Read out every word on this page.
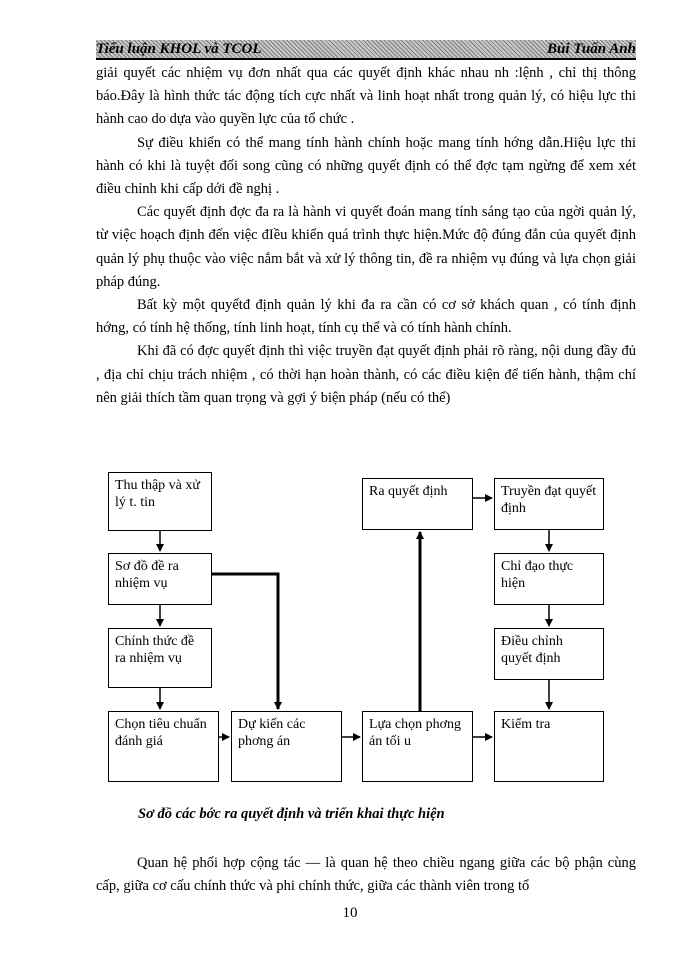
Tiểu luận KHOL và TCOL	Bùi Tuấn Anh

giải quyết các nhiệm vụ đơn nhất qua các quyết định khác nhau nh :lệnh , chỉ thị thông báo.Đây là hình thức tác động tích cực nhất và linh hoạt nhất trong quản lý, có hiệu lực thi hành cao do dựa vào quyền lực của tổ chức .

Sự điều khiển có thể mang tính hành chính hoặc mang tính hớng dẫn.Hiệu lực thi hành có khi là tuyệt đối song cũng có những quyết định có thể đợc tạm ngừng để xem xét điều chỉnh khi cấp dới đề nghị .

Các quyết định đợc đa ra là hành vi quyết đoán mang tính sáng tạo của ngời quản lý, từ việc hoạch định đến việc đIều khiển quá trình thực hiện.Mức độ đúng đắn của quyết định quản lý phụ thuộc vào việc nắm bắt và xử lý thông tin, đề ra nhiệm vụ đúng và lựa chọn giải pháp đúng.

Bất kỳ một quyếtđ định quản lý khi đa ra cần có cơ sở khách quan , có tính định hớng, có tính hệ thống, tính linh hoạt, tính cụ thể và có tính hành chính.

Khi đã có đợc quyết định thì việc truyền đạt quyết định phải rõ ràng, nội dung đầy đủ , địa chỉ chịu trách nhiệm , có thời hạn hoàn thành, có các điều kiện để tiến hành, thậm chí nên giải thích tầm quan trọng và gợi ý biện pháp (nếu có thể)

Thu thập và xử lý t. tin
Sơ đồ đề ra nhiệm vụ
Chính thức đề ra nhiệm vụ
Chọn tiêu chuẩn đánh giá
Dự kiến các phơng án
Lựa chọn phơng án tối u
Ra quyết định	Truyền đạt quyết định
Chỉ đạo thực hiện
Điều chỉnh quyết định
Kiểm tra
Sơ đồ các bớc ra quyết định và triển khai thực hiện

Quan hệ phối hợp cộng tác — là quan hệ theo chiều ngang giữa các bộ phận cùng cấp, giữa cơ cấu chính thức và phi chính thức, giữa các thành viên trong tổ

10
